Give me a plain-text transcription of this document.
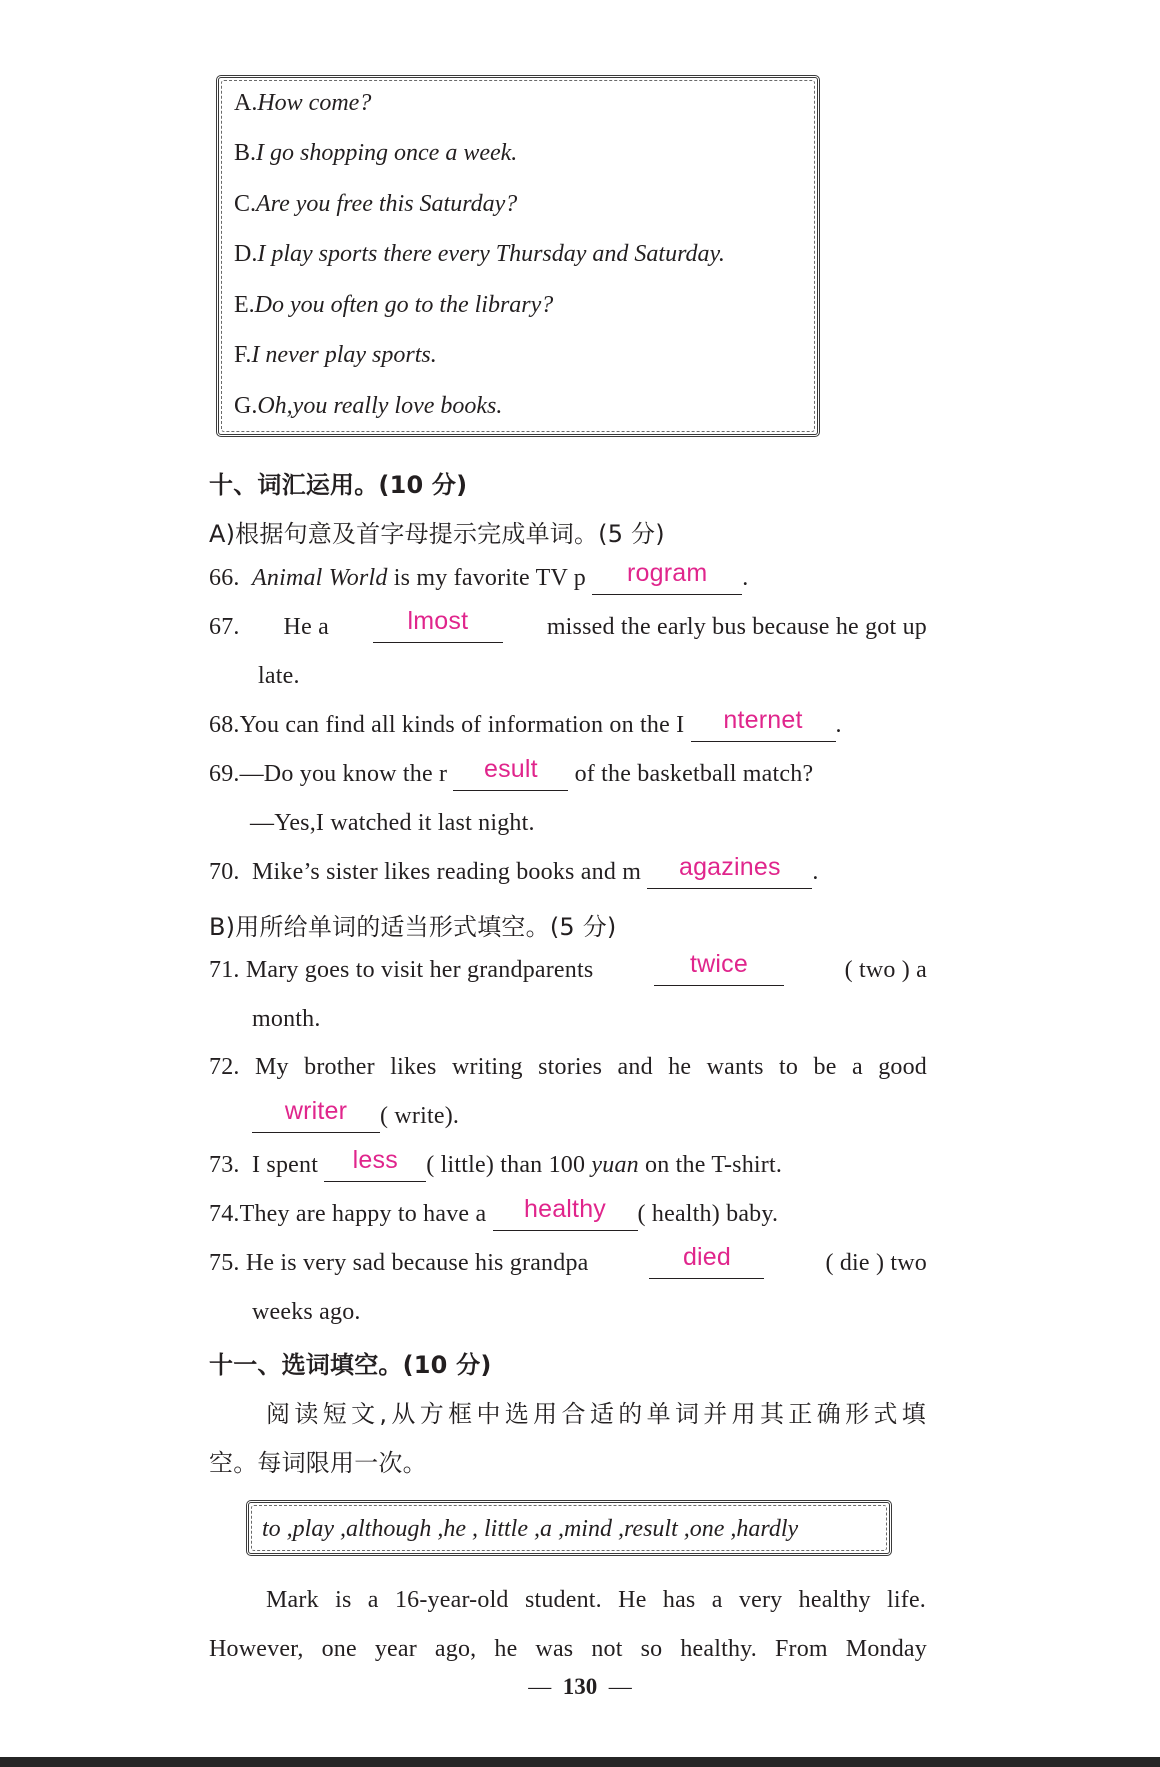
A.How come?
B.I go shopping once a week.
C.Are you free this Saturday?
D.I play sports there every Thursday and Saturday.
E.Do you often go to the library?
F.I never play sports.
G.Oh,you really love books.
十、词汇运用。(10 分)
A)根据句意及首字母提示完成单词。(5 分)
66. Animal World is my favorite TV p rogram .
67. He a	lmost	missed the early bus because he got up
late.
68.You can find all kinds of information on the I nternet .
69.—Do you know the r esult of the basketball match?
—Yes,I watched it last night.
70. Mike’s sister likes reading books and m agazines .
B)用所给单词的适当形式填空。(5 分)
71. Mary goes to visit her grandparents	twice	( two ) a
month.
72. My brother likes writing stories and he wants to be a good
writer ( write).
73. I spent less ( little) than 100 yuan on the T-shirt.
74.They are happy to have a healthy ( health) baby.
75. He is very sad because his grandpa	died	( die ) two
weeks ago.
十一、选词填空。(10 分)
阅读短文,从方框中选用合适的单词并用其正确形式填
空。每词限用一次。
to ,play ,although ,he , little ,a ,mind ,result ,one ,hardly
Mark is a 16-year-old student. He has a very healthy life.
However, one year ago, he was not so healthy. From Monday
— 130 —
